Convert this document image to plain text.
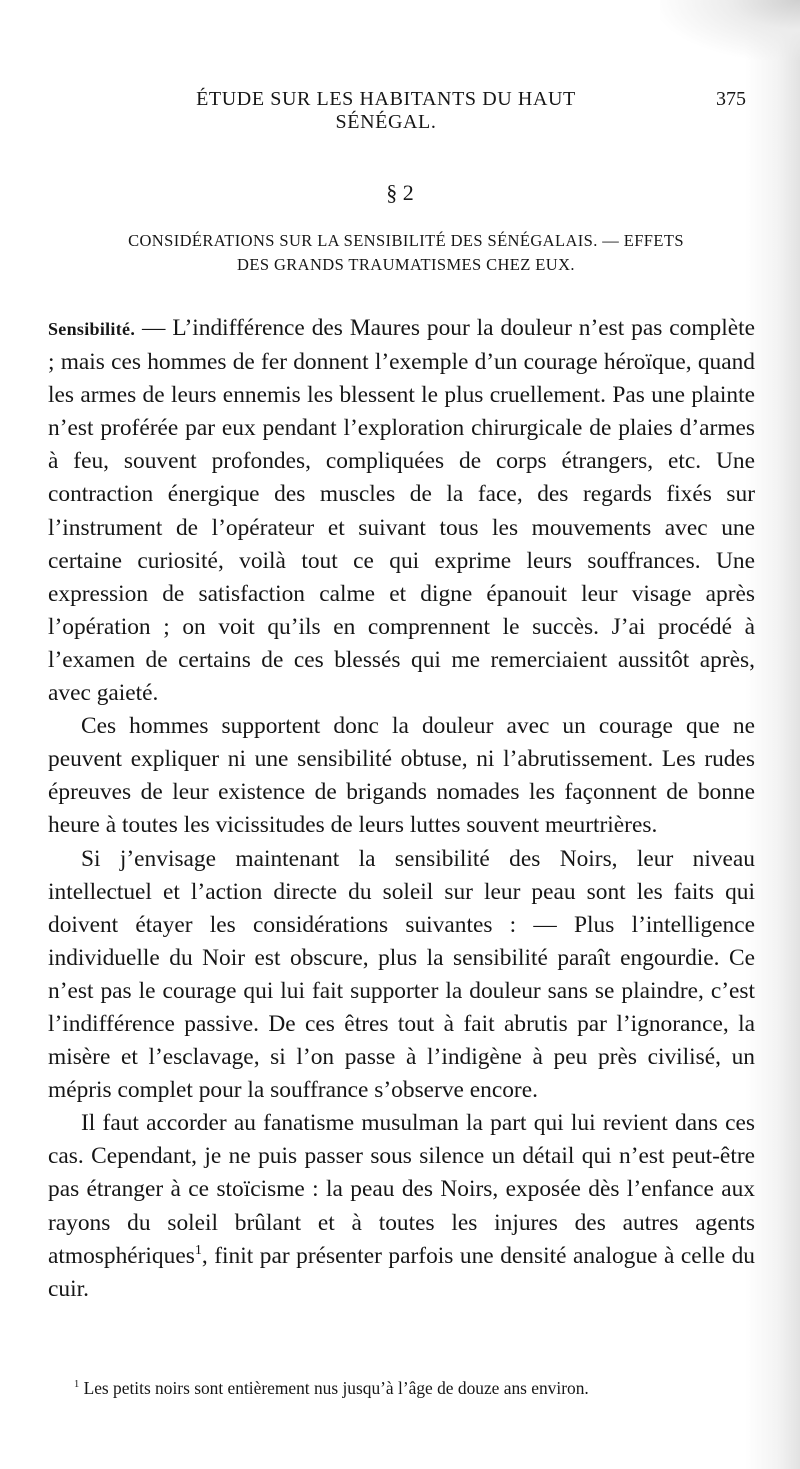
ÉTUDE SUR LES HABITANTS DU HAUT SÉNÉGAL.
375
§ 2
CONSIDÉRATIONS SUR LA SENSIBILITÉ DES SÉNÉGALAIS. — EFFETS
DES GRANDS TRAUMATISMES CHEZ EUX.

Sensibilité. — L’indifférence des Maures pour la douleur n’est pas complète ; mais ces hommes de fer donnent l’exemple d’un courage héroïque, quand les armes de leurs ennemis les blessent le plus cruellement. Pas une plainte n’est proférée par eux pendant l’exploration chirurgicale de plaies d’armes à feu, souvent profondes, compliquées de corps étrangers, etc. Une contraction énergique des muscles de la face, des regards fixés sur l’instrument de l’opérateur et suivant tous les mouvements avec une certaine curiosité, voilà tout ce qui exprime leurs souffrances. Une expression de satisfaction calme et digne épanouit leur visage après l’opération ; on voit qu’ils en comprennent le succès. J’ai procédé à l’examen de certains de ces blessés qui me remerciaient aussitôt après, avec gaieté.

Ces hommes supportent donc la douleur avec un courage que ne peuvent expliquer ni une sensibilité obtuse, ni l’abrutissement. Les rudes épreuves de leur existence de brigands nomades les façonnent de bonne heure à toutes les vicissitudes de leurs luttes souvent meurtrières.

Si j’envisage maintenant la sensibilité des Noirs, leur niveau intellectuel et l’action directe du soleil sur leur peau sont les faits qui doivent étayer les considérations suivantes : — Plus l’intelligence individuelle du Noir est obscure, plus la sensibilité paraît engourdie. Ce n’est pas le courage qui lui fait supporter la douleur sans se plaindre, c’est l’indifférence passive. De ces êtres tout à fait abrutis par l’ignorance, la misère et l’esclavage, si l’on passe à l’indigène à peu près civilisé, un mépris complet pour la souffrance s’observe encore.

Il faut accorder au fanatisme musulman la part qui lui revient dans ces cas. Cependant, je ne puis passer sous silence un détail qui n’est peut-être pas étranger à ce stoïcisme : la peau des Noirs, exposée dès l’enfance aux rayons du soleil brûlant et à toutes les injures des autres agents atmosphériques$^1$, finit par présenter parfois une densité analogue à celle du cuir.

$^1$ Les petits noirs sont entièrement nus jusqu’à l’âge de douze ans environ.
